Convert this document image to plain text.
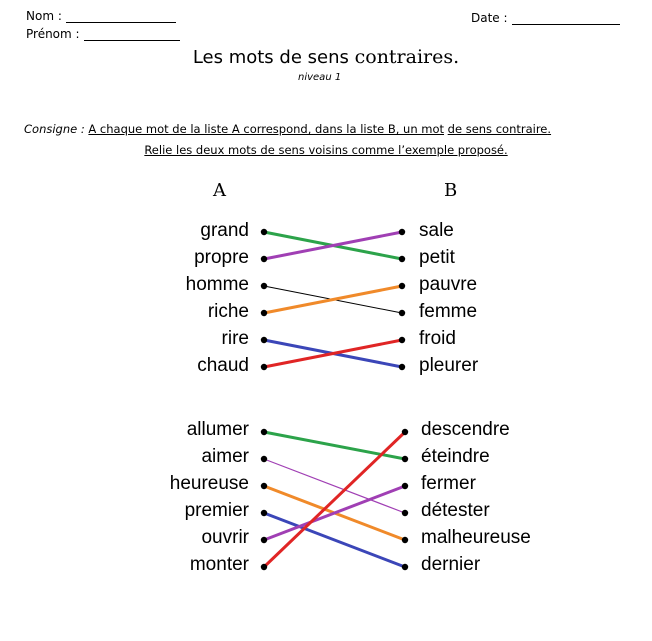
Nom :
Prénom :
Date :
Les mots de sens contraires.
niveau 1
Consigne : A chaque mot de la liste A correspond, dans la liste B, un mot de sens contraire.
Relie les deux mots de sens voisins comme l’exemple proposé.
A	B
grand
propre
homme
riche
rire
chaud
sale
petit
pauvre
femme
froid
pleurer
allumer
aimer
heureuse
premier
ouvrir
monter
descendre
éteindre
fermer
détester
malheureuse
dernier
